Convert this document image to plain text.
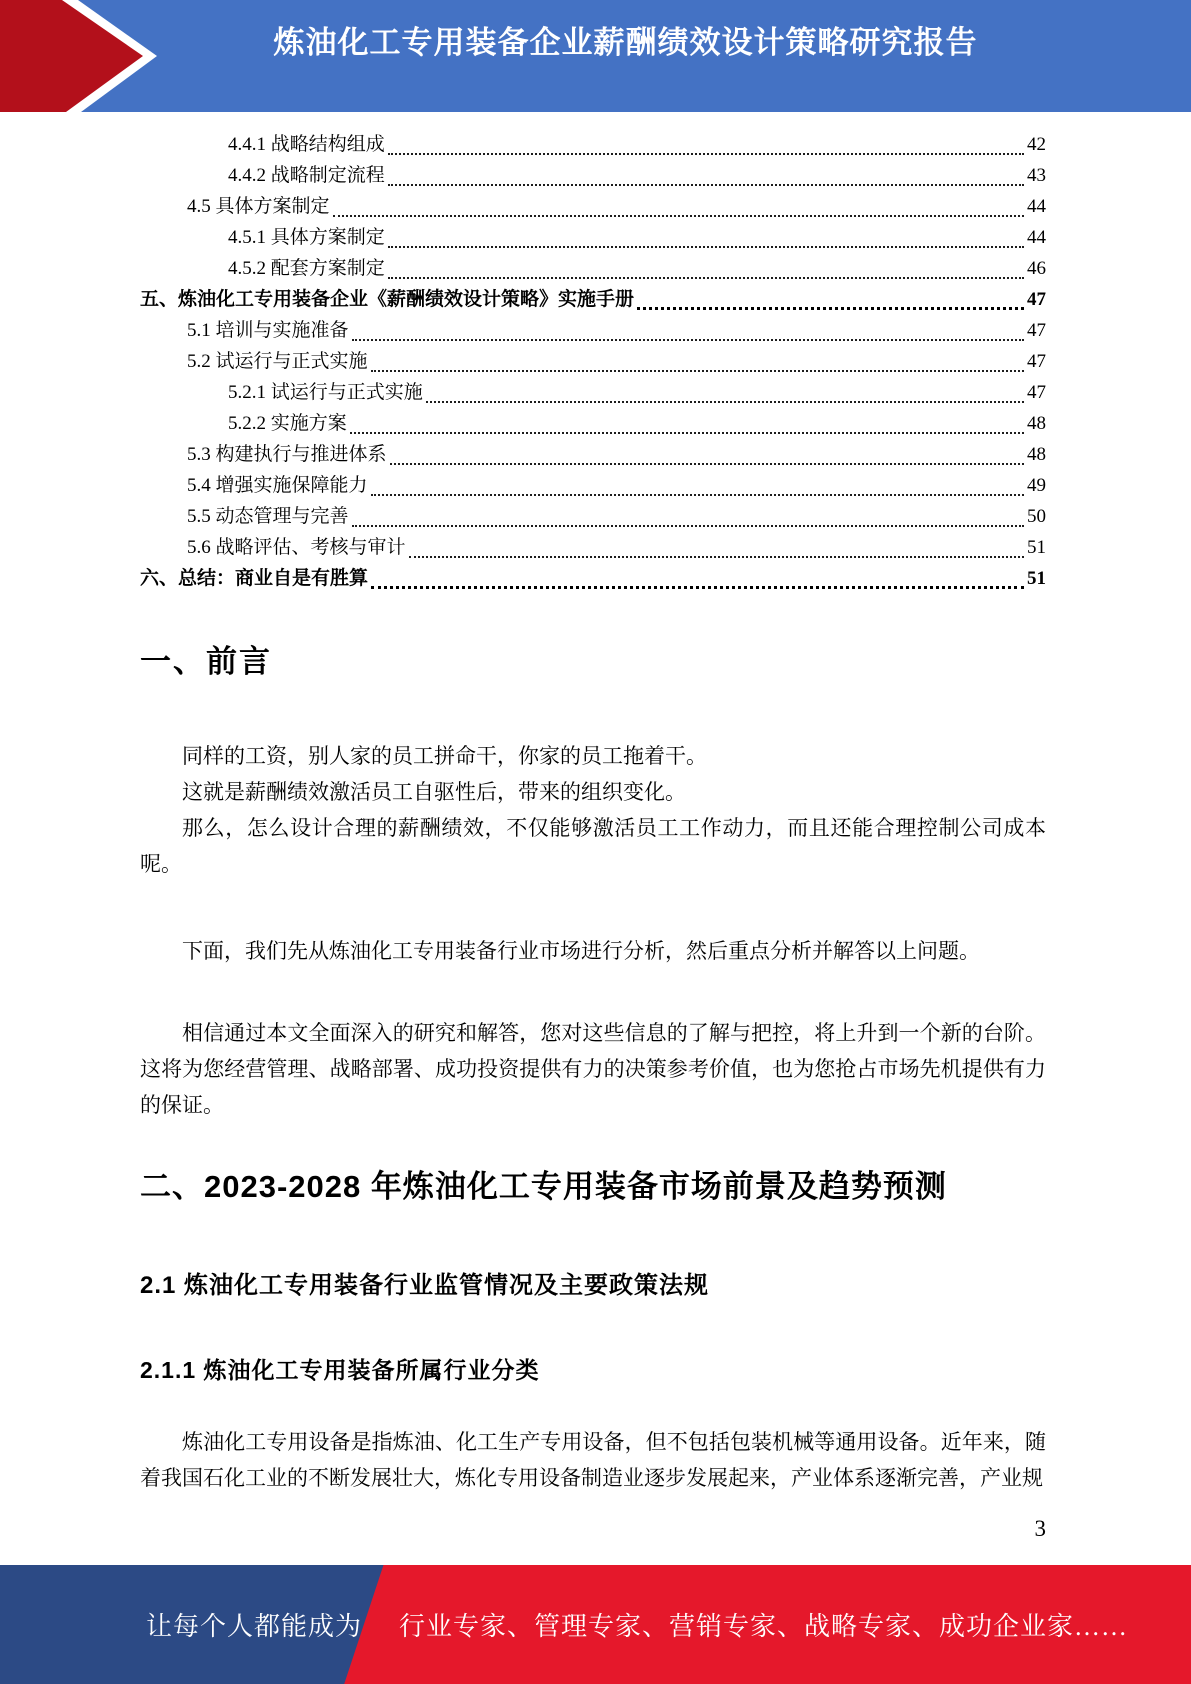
炼油化工专用装备企业薪酬绩效设计策略研究报告
4.4.1 战略结构组成	42
4.4.2 战略制定流程	43
4.5 具体方案制定	44
4.5.1 具体方案制定	44
4.5.2 配套方案制定	46
五、炼油化工专用装备企业《薪酬绩效设计策略》实施手册	47
5.1 培训与实施准备	47
5.2 试运行与正式实施	47
5.2.1 试运行与正式实施	47
5.2.2 实施方案	48
5.3 构建执行与推进体系	48
5.4 增强实施保障能力	49
5.5 动态管理与完善	50
5.6 战略评估、考核与审计	51
六、总结：商业自是有胜算	51
一、前言

同样的工资，别人家的员工拼命干，你家的员工拖着干。

这就是薪酬绩效激活员工自驱性后，带来的组织变化。

那么，怎么设计合理的薪酬绩效，不仅能够激活员工工作动力，而且还能合理控制公司成本呢。

下面，我们先从炼油化工专用装备行业市场进行分析，然后重点分析并解答以上问题。

相信通过本文全面深入的研究和解答，您对这些信息的了解与把控，将上升到一个新的台阶。这将为您经营管理、战略部署、成功投资提供有力的决策参考价值，也为您抢占市场先机提供有力的保证。

二、2023-2028 年炼油化工专用装备市场前景及趋势预测
2.1 炼油化工专用装备行业监管情况及主要政策法规
2.1.1 炼油化工专用装备所属行业分类

炼油化工专用设备是指炼油、化工生产专用设备，但不包括包装机械等通用设备。近年来，随着我国石化工业的不断发展壮大，炼化专用设备制造业逐步发展起来，产业体系逐渐完善，产业规

3
让每个人都能成为 行业专家、管理专家、营销专家、战略专家、成功企业家……
